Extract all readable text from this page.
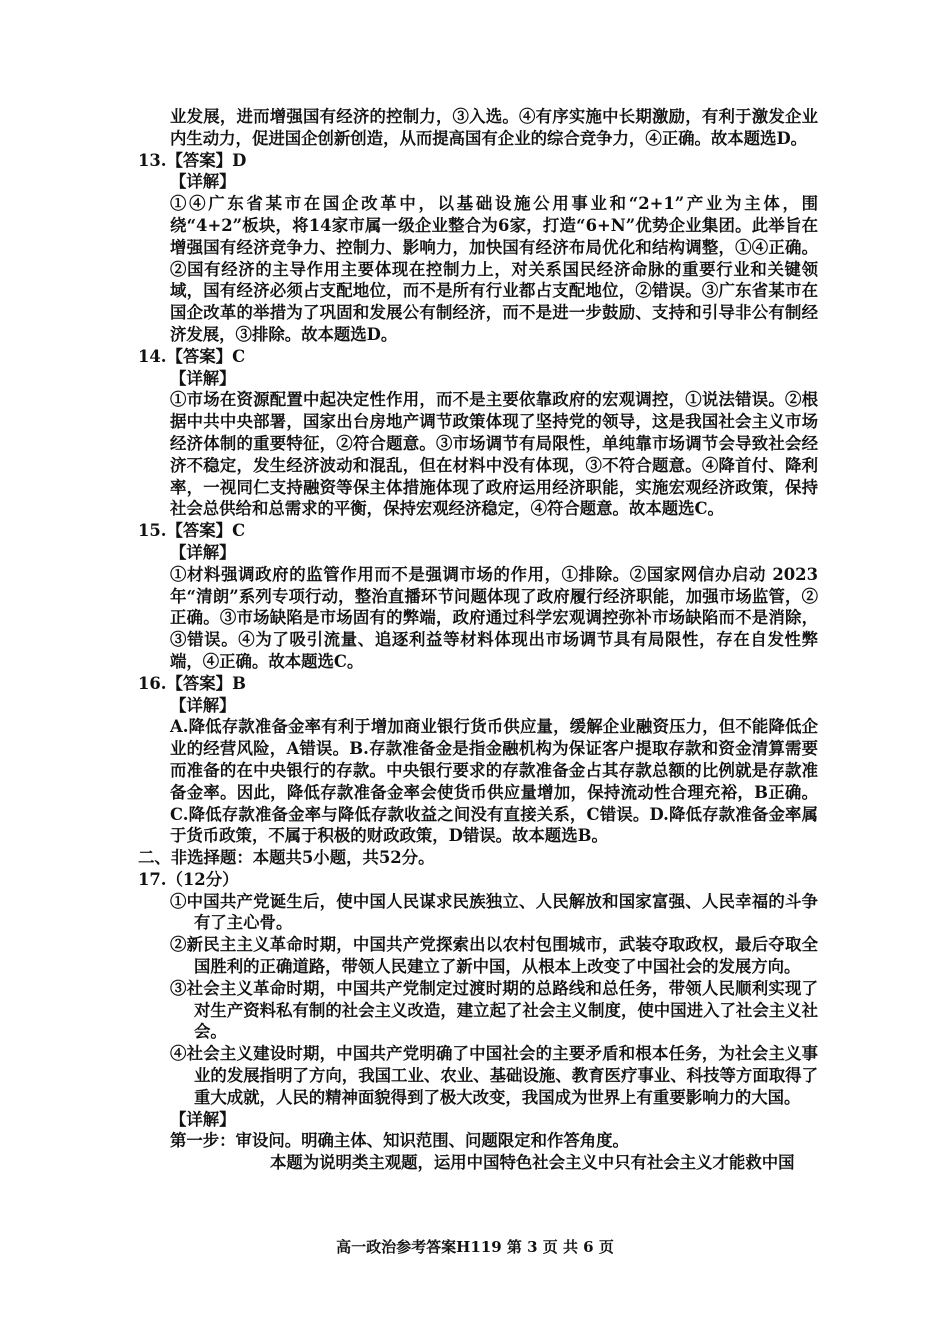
业发展，进而增强国有经济的控制力，③入选。④有序实施中长期激励，有利于激发企业内生动力，促进国企创新创造，从而提高国有企业的综合竞争力，④正确。故本题选D。

13.【答案】D

【详解】

①④广东省某市在国企改革中，以基础设施公用事业和“2+1”产业为主体，围绕“4+2”板块，将14家市属一级企业整合为6家，打造“6+N”优势企业集团。此举旨在增强国有经济竞争力、控制力、影响力，加快国有经济布局优化和结构调整，①④正确。②国有经济的主导作用主要体现在控制力上，对关系国民经济命脉的重要行业和关键领域，国有经济必须占支配地位，而不是所有行业都占支配地位，②错误。③广东省某市在国企改革的举措为了巩固和发展公有制经济，而不是进一步鼓励、支持和引导非公有制经济发展，③排除。故本题选D。

14.【答案】C

【详解】

①市场在资源配置中起决定性作用，而不是主要依靠政府的宏观调控，①说法错误。②根据中共中央部署，国家出台房地产调节政策体现了坚持党的领导，这是我国社会主义市场经济体制的重要特征，②符合题意。③市场调节有局限性，单纯靠市场调节会导致社会经济不稳定，发生经济波动和混乱，但在材料中没有体现，③不符合题意。④降首付、降利率，一视同仁支持融资等保主体措施体现了政府运用经济职能，实施宏观经济政策，保持社会总供给和总需求的平衡，保持宏观经济稳定，④符合题意。故本题选C。

15.【答案】C

【详解】

①材料强调政府的监管作用而不是强调市场的作用，①排除。②国家网信办启动 2023 年“清朗”系列专项行动，整治直播环节问题体现了政府履行经济职能，加强市场监管，②正确。③市场缺陷是市场固有的弊端，政府通过科学宏观调控弥补市场缺陷而不是消除，③错误。④为了吸引流量、追逐利益等材料体现出市场调节具有局限性，存在自发性弊端，④正确。故本题选C。

16.【答案】B

【详解】

A.降低存款准备金率有利于增加商业银行货币供应量，缓解企业融资压力，但不能降低企业的经营风险，A错误。B.存款准备金是指金融机构为保证客户提取存款和资金清算需要而准备的在中央银行的存款。中央银行要求的存款准备金占其存款总额的比例就是存款准备金率。因此，降低存款准备金率会使货币供应量增加，保持流动性合理充裕，B正确。 C.降低存款准备金率与降低存款收益之间没有直接关系，C错误。D.降低存款准备金率属于货币政策，不属于积极的财政政策，D错误。故本题选B。

二、非选择题：本题共5小题，共52分。

17.（12分）

①中国共产党诞生后，使中国人民谋求民族独立、人民解放和国家富强、人民幸福的斗争有了主心骨。

②新民主主义革命时期，中国共产党探索出以农村包围城市，武装夺取政权，最后夺取全国胜利的正确道路，带领人民建立了新中国，从根本上改变了中国社会的发展方向。

③社会主义革命时期，中国共产党制定过渡时期的总路线和总任务，带领人民顺利实现了对生产资料私有制的社会主义改造，建立起了社会主义制度，使中国进入了社会主义社会。

④社会主义建设时期，中国共产党明确了中国社会的主要矛盾和根本任务，为社会主义事业的发展指明了方向，我国工业、农业、基础设施、教育医疗事业、科技等方面取得了重大成就，人民的精神面貌得到了极大改变，我国成为世界上有重要影响力的大国。

【详解】

第一步：审设问。明确主体、知识范围、问题限定和作答角度。

本题为说明类主观题，运用中国特色社会主义中只有社会主义才能救中国

高一政治参考答案H119 第 3 页 共 6 页
